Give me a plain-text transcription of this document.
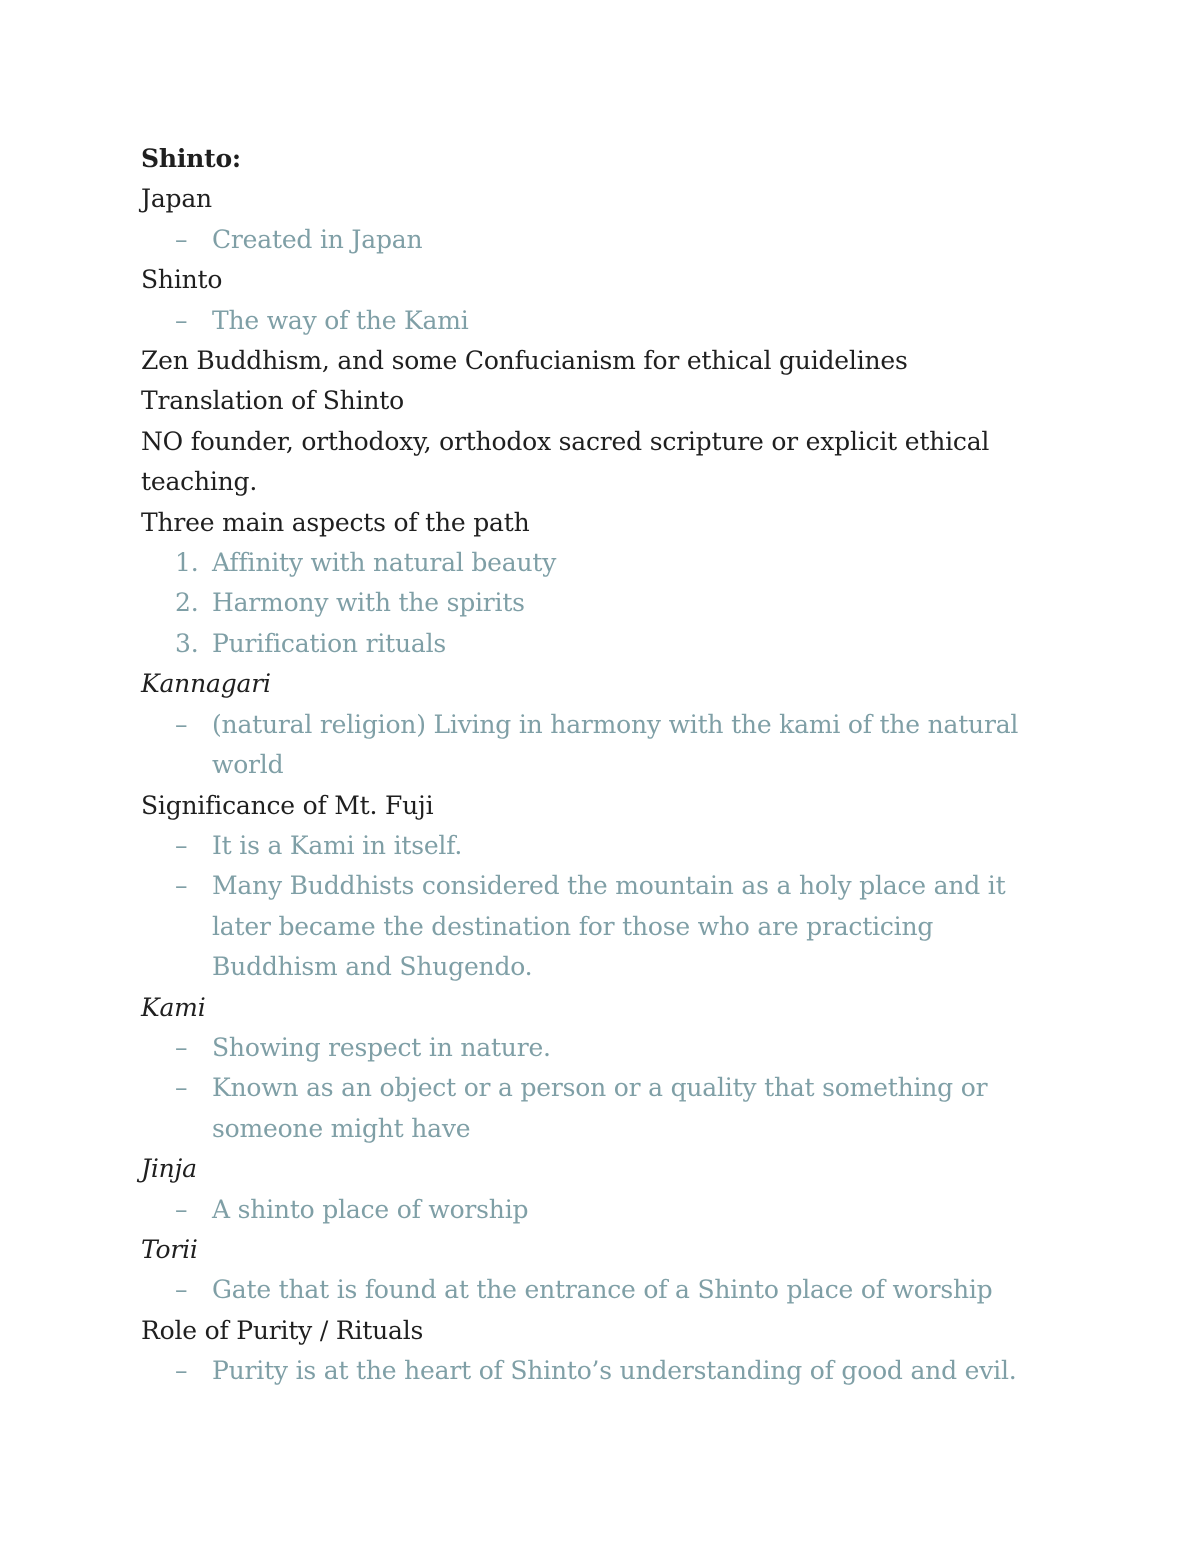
Shinto:

Japan

– Created in Japan

Shinto

– The way of the Kami

Zen Buddhism, and some Confucianism for ethical guidelines

Translation of Shinto

NO founder, orthodoxy, orthodox sacred scripture or explicit ethical teaching.

Three main aspects of the path

1. Affinity with natural beauty
2. Harmony with the spirits
3. Purification rituals

Kannagari

– (natural religion) Living in harmony with the kami of the natural world

Significance of Mt. Fuji

– It is a Kami in itself.
– Many Buddhists considered the mountain as a holy place and it later became the destination for those who are practicing Buddhism and Shugendo.

Kami

– Showing respect in nature.
– Known as an object or a person or a quality that something or someone might have

Jinja

– A shinto place of worship

Torii

– Gate that is found at the entrance of a Shinto place of worship

Role of Purity / Rituals

– Purity is at the heart of Shinto’s understanding of good and evil.
